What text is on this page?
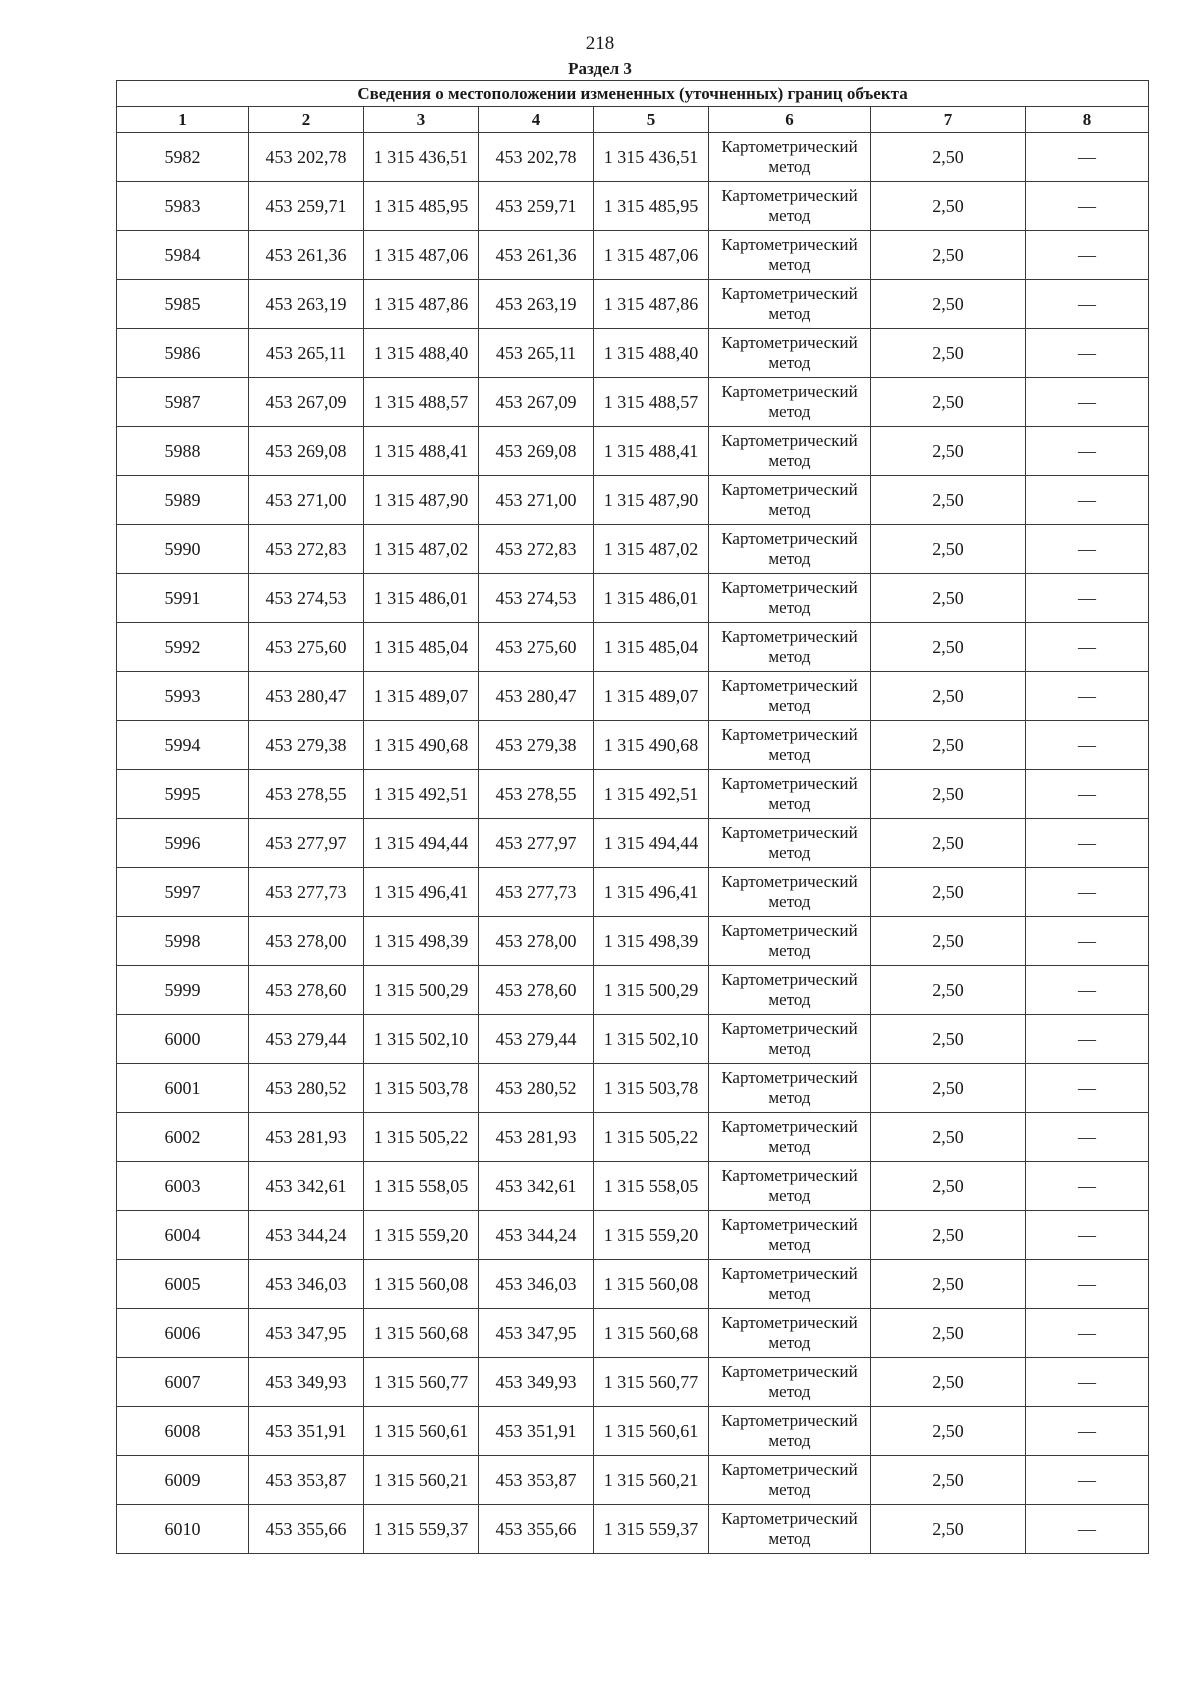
218
Раздел 3
Сведения о местоположении измененных (уточненных) границ объекта							
1	2	3	4	5	6	7	8
5982	453 202,78	1 315 436,51	453 202,78	1 315 436,51	Картометрический метод	2,50	—
5983	453 259,71	1 315 485,95	453 259,71	1 315 485,95	Картометрический метод	2,50	—
5984	453 261,36	1 315 487,06	453 261,36	1 315 487,06	Картометрический метод	2,50	—
5985	453 263,19	1 315 487,86	453 263,19	1 315 487,86	Картометрический метод	2,50	—
5986	453 265,11	1 315 488,40	453 265,11	1 315 488,40	Картометрический метод	2,50	—
5987	453 267,09	1 315 488,57	453 267,09	1 315 488,57	Картометрический метод	2,50	—
5988	453 269,08	1 315 488,41	453 269,08	1 315 488,41	Картометрический метод	2,50	—
5989	453 271,00	1 315 487,90	453 271,00	1 315 487,90	Картометрический метод	2,50	—
5990	453 272,83	1 315 487,02	453 272,83	1 315 487,02	Картометрический метод	2,50	—
5991	453 274,53	1 315 486,01	453 274,53	1 315 486,01	Картометрический метод	2,50	—
5992	453 275,60	1 315 485,04	453 275,60	1 315 485,04	Картометрический метод	2,50	—
5993	453 280,47	1 315 489,07	453 280,47	1 315 489,07	Картометрический метод	2,50	—
5994	453 279,38	1 315 490,68	453 279,38	1 315 490,68	Картометрический метод	2,50	—
5995	453 278,55	1 315 492,51	453 278,55	1 315 492,51	Картометрический метод	2,50	—
5996	453 277,97	1 315 494,44	453 277,97	1 315 494,44	Картометрический метод	2,50	—
5997	453 277,73	1 315 496,41	453 277,73	1 315 496,41	Картометрический метод	2,50	—
5998	453 278,00	1 315 498,39	453 278,00	1 315 498,39	Картометрический метод	2,50	—
5999	453 278,60	1 315 500,29	453 278,60	1 315 500,29	Картометрический метод	2,50	—
6000	453 279,44	1 315 502,10	453 279,44	1 315 502,10	Картометрический метод	2,50	—
6001	453 280,52	1 315 503,78	453 280,52	1 315 503,78	Картометрический метод	2,50	—
6002	453 281,93	1 315 505,22	453 281,93	1 315 505,22	Картометрический метод	2,50	—
6003	453 342,61	1 315 558,05	453 342,61	1 315 558,05	Картометрический метод	2,50	—
6004	453 344,24	1 315 559,20	453 344,24	1 315 559,20	Картометрический метод	2,50	—
6005	453 346,03	1 315 560,08	453 346,03	1 315 560,08	Картометрический метод	2,50	—
6006	453 347,95	1 315 560,68	453 347,95	1 315 560,68	Картометрический метод	2,50	—
6007	453 349,93	1 315 560,77	453 349,93	1 315 560,77	Картометрический метод	2,50	—
6008	453 351,91	1 315 560,61	453 351,91	1 315 560,61	Картометрический метод	2,50	—
6009	453 353,87	1 315 560,21	453 353,87	1 315 560,21	Картометрический метод	2,50	—
6010	453 355,66	1 315 559,37	453 355,66	1 315 559,37	Картометрический метод	2,50	—
